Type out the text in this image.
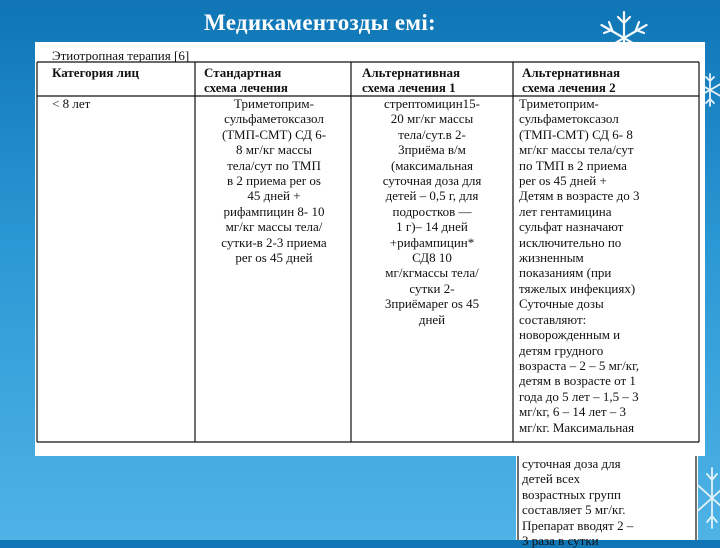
Медикаментозды емі:
Этиотропная терапия [6]
Категория лиц	Стандартная
схема лечения
Альтернативная
схема лечения 1
Альтернативная
схема лечения 2
< 8 лет	Триметоприм-
сульфаметоксазол
(ТМП-СМТ) СД 6-
8 мг/кг массы
тела/сут по ТМП
в 2 приема per os
45 дней +
рифампицин 8- 10
мг/кг массы тела/
сутки-в 2-3 приема
per os 45 дней
стрептомицин15-
20 мг/кг массы
тела/сут.в 2-
3приёма в/м
(максимальная
суточная доза для
детей – 0,5 г, для
подростков —
1 г)– 14 дней
+рифампицин*
СД8 10
мг/кгмассы тела/
сутки 2-
3приёмаper os 45
дней
Триметоприм-
сульфаметоксазол
(ТМП-СМТ) СД 6- 8
мг/кг массы тела/сут
по ТМП в 2 приема
per os 45 дней +
Детям в возрасте до 3
лет гентамицина
сульфат назначают
исключительно по
жизненным
показаниям (при
тяжелых инфекциях)
Суточные дозы
составляют:
новорожденным и
детям грудного
возраста – 2 – 5 мг/кг,
детям в возрасте от 1
года до 5 лет – 1,5 – 3
мг/кг, 6 – 14 лет – 3
мг/кг. Максимальная
суточная доза для
детей всех
возрастных групп
составляет 5 мг/кг.
Препарат вводят 2 –
3 раза в сутки
